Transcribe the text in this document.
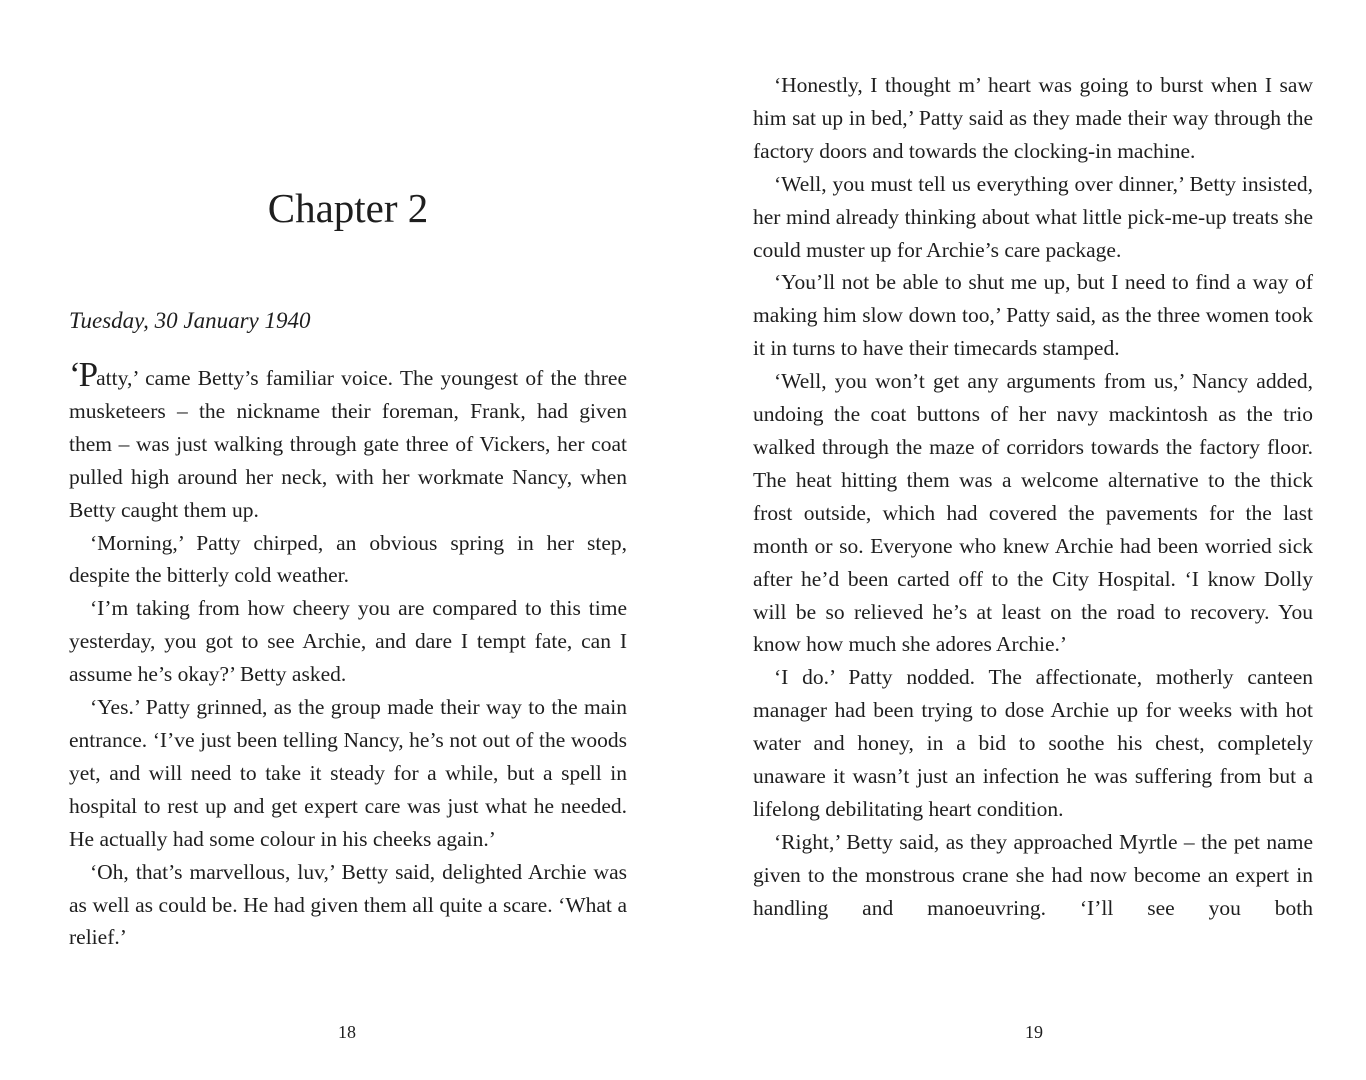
Chapter 2

Tuesday, 30 January 1940

‘Patty,’ came Betty’s familiar voice. The youngest of the three musketeers – the nickname their foreman, Frank, had given them – was just walking through gate three of Vickers, her coat pulled high around her neck, with her workmate Nancy, when Betty caught them up.

‘Morning,’ Patty chirped, an obvious spring in her step, despite the bitterly cold weather.

‘I’m taking from how cheery you are compared to this time yesterday, you got to see Archie, and dare I tempt fate, can I assume he’s okay?’ Betty asked.

‘Yes.’ Patty grinned, as the group made their way to the main entrance. ‘I’ve just been telling Nancy, he’s not out of the woods yet, and will need to take it steady for a while, but a spell in hospital to rest up and get expert care was just what he needed. He actually had some colour in his cheeks again.’

‘Oh, that’s marvellous, luv,’ Betty said, delighted Archie was as well as could be. He had given them all quite a scare. ‘What a relief.’

18

‘Honestly, I thought m’ heart was going to burst when I saw him sat up in bed,’ Patty said as they made their way through the factory doors and towards the clocking-in machine.

‘Well, you must tell us everything over dinner,’ Betty insisted, her mind already thinking about what little pick-me-up treats she could muster up for Archie’s care package.

‘You’ll not be able to shut me up, but I need to find a way of making him slow down too,’ Patty said, as the three women took it in turns to have their timecards stamped.

‘Well, you won’t get any arguments from us,’ Nancy added, undoing the coat buttons of her navy mackintosh as the trio walked through the maze of corridors towards the factory floor. The heat hitting them was a welcome alternative to the thick frost outside, which had covered the pavements for the last month or so. Everyone who knew Archie had been worried sick after he’d been carted off to the City Hospital. ‘I know Dolly will be so relieved he’s at least on the road to recovery. You know how much she adores Archie.’

‘I do.’ Patty nodded. The affectionate, motherly canteen manager had been trying to dose Archie up for weeks with hot water and honey, in a bid to soothe his chest, completely unaware it wasn’t just an infection he was suffering from but a lifelong debilitating heart condition.

‘Right,’ Betty said, as they approached Myrtle – the pet name given to the monstrous crane she had now become an expert in handling and manoeuvring. ‘I’ll see you both

19
